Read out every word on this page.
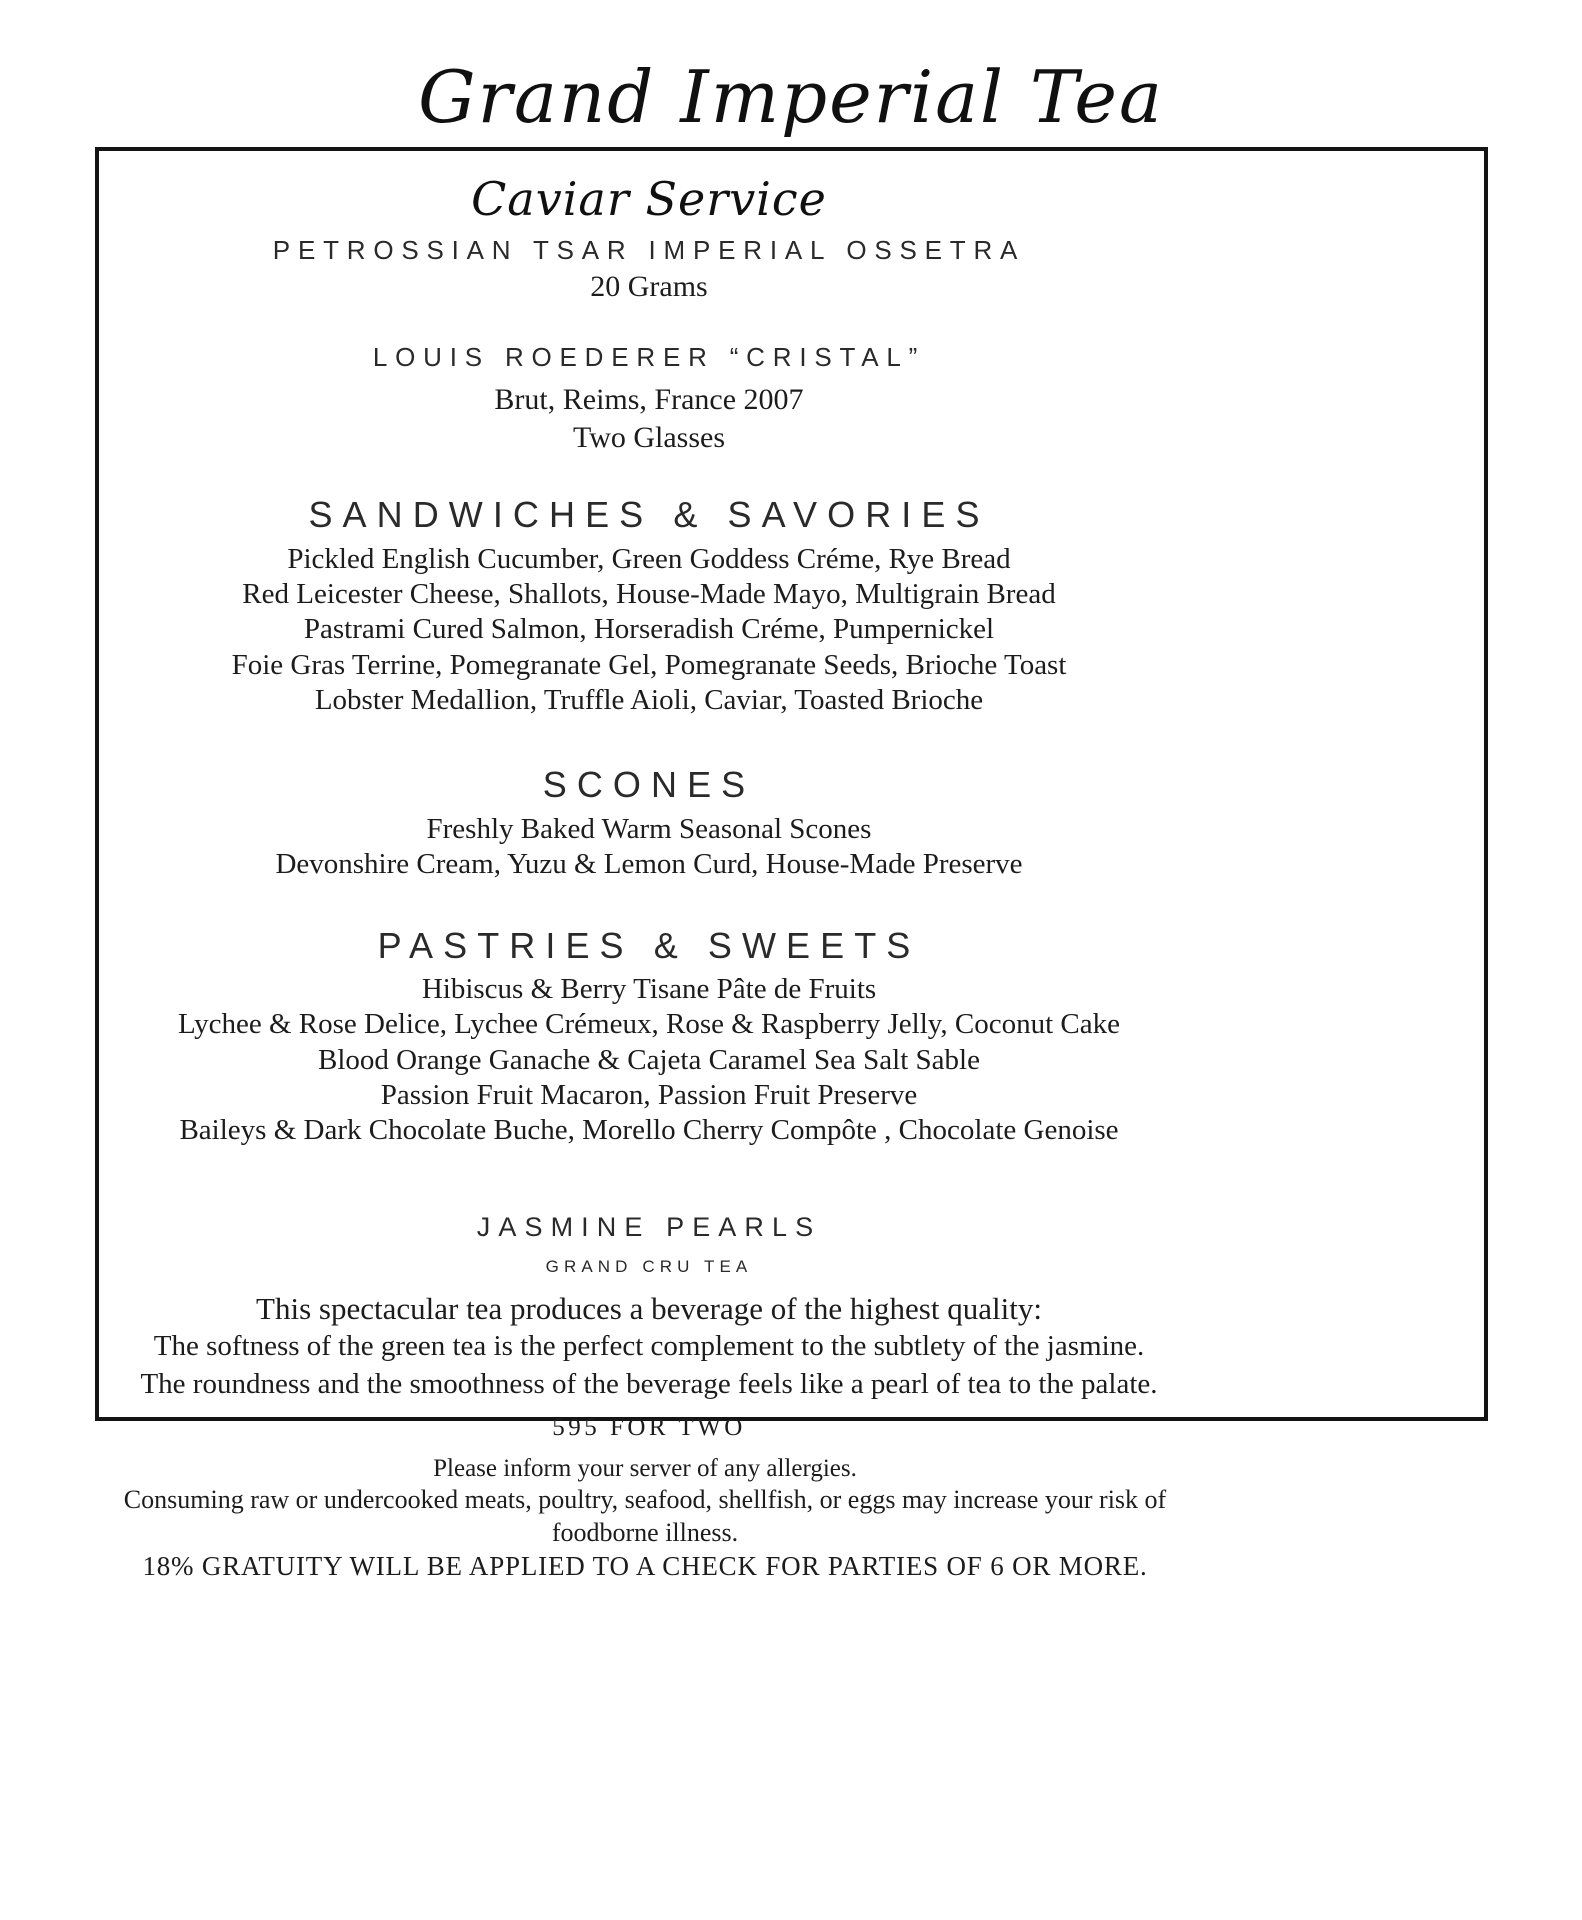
Grand Imperial Tea
Caviar Service
PETROSSIAN TSAR IMPERIAL OSSETRA
20 Grams
LOUIS ROEDERER “CRISTAL”
Brut, Reims, France 2007
Two Glasses
SANDWICHES & SAVORIES
Pickled English Cucumber, Green Goddess Créme, Rye Bread
Red Leicester Cheese, Shallots, House-Made Mayo, Multigrain Bread
Pastrami Cured Salmon, Horseradish Créme, Pumpernickel
Foie Gras Terrine, Pomegranate Gel, Pomegranate Seeds, Brioche Toast
Lobster Medallion, Truffle Aioli, Caviar, Toasted Brioche
SCONES
Freshly Baked Warm Seasonal Scones
Devonshire Cream, Yuzu & Lemon Curd, House-Made Preserve
PASTRIES & SWEETS
Hibiscus & Berry Tisane Pâte de Fruits
Lychee & Rose Delice, Lychee Crémeux, Rose & Raspberry Jelly, Coconut Cake
Blood Orange Ganache & Cajeta Caramel Sea Salt Sable
Passion Fruit Macaron, Passion Fruit Preserve
Baileys & Dark Chocolate Buche, Morello Cherry Compôte , Chocolate Genoise
JASMINE PEARLS
GRAND CRU TEA
This spectacular tea produces a beverage of the highest quality:
The softness of the green tea is the perfect complement to the subtlety of the jasmine.
The roundness and the smoothness of the beverage feels like a pearl of tea to the palate.
595 FOR TWO
Please inform your server of any allergies.
Consuming raw or undercooked meats, poultry, seafood, shellfish, or eggs may increase your risk of foodborne illness.
18% GRATUITY WILL BE APPLIED TO A CHECK FOR PARTIES OF 6 OR MORE.
